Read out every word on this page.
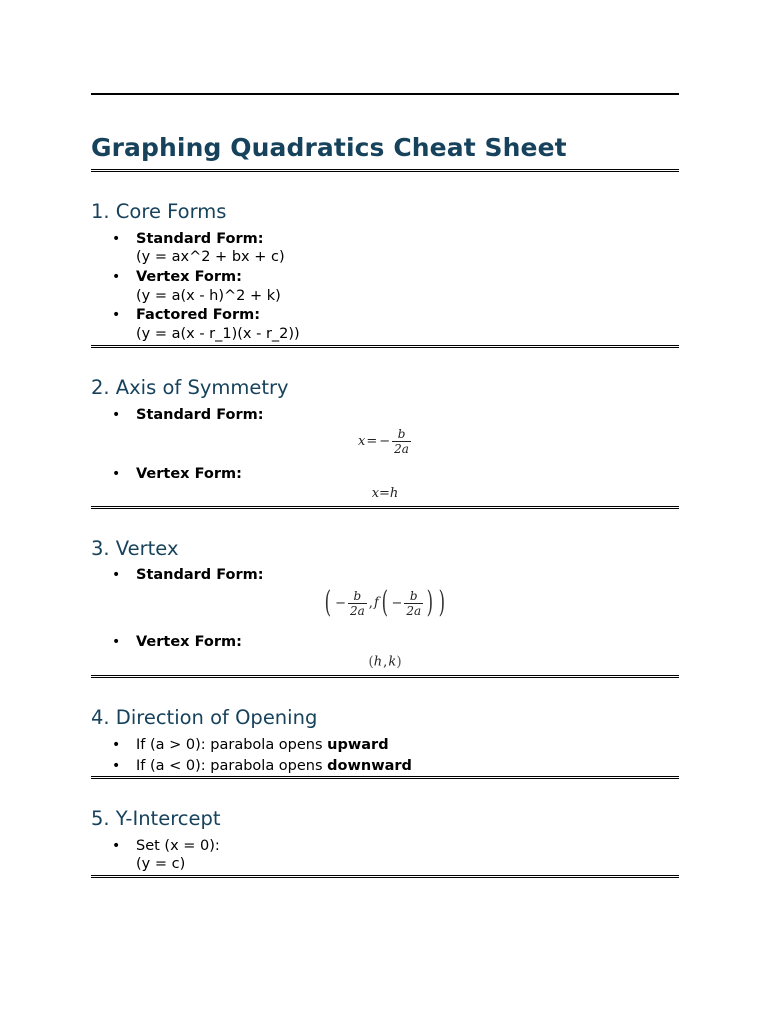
Graphing Quadratics Cheat Sheet
1. Core Forms
• Standard Form:
(y = ax^2 + bx + c)
• Vertex Form:
(y = a(x - h)^2 + k)
• Factored Form:
(y = a(x - r_1)(x - r_2))
2. Axis of Symmetry
• Standard Form:
$x= - \frac{b}{2a}$
• Vertex Form:
x=h
3. Vertex
• Standard Form:
( − $\frac{b}{2a} ,f( - \frac{b}{2a}$ ) )
• Vertex Form:
(h,k)
4. Direction of Opening
• If (a > 0): parabola opens upward
• If (a < 0): parabola opens downward
5. Y-Intercept
• Set (x = 0):
(y = c)
